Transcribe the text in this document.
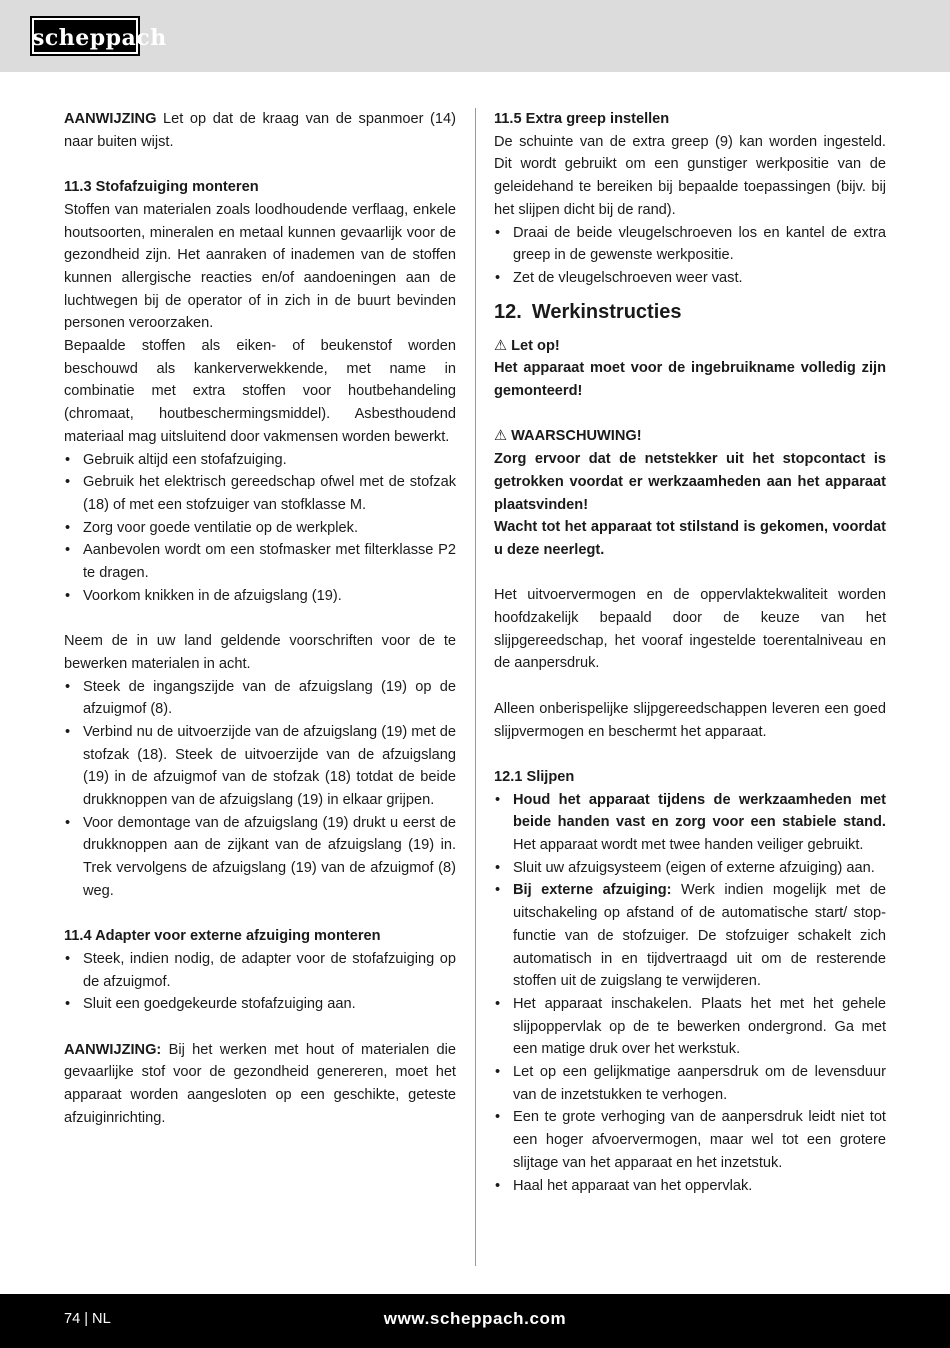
scheppach

AANWIJZING Let op dat de kraag van de spanmoer (14) naar buiten wijst.

11.3 Stofafzuiging monteren

Stoffen van materialen zoals loodhoudende verflaag, enkele houtsoorten, mineralen en metaal kunnen gevaarlijk voor de gezondheid zijn. Het aanraken of inademen van de stoffen kunnen allergische reacties en/of aandoeningen aan de luchtwegen bij de operator of in zich in de buurt bevinden personen veroorzaken.

Bepaalde stoffen als eiken- of beukenstof worden beschouwd als kankerverwekkende, met name in combinatie met extra stoffen voor houtbehandeling (chromaat, houtbeschermingsmiddel). Asbesthoudend materiaal mag uitsluitend door vakmensen worden bewerkt.

• Gebruik altijd een stofafzuiging.
• Gebruik het elektrisch gereedschap ofwel met de stofzak (18) of met een stofzuiger van stofklasse M.
• Zorg voor goede ventilatie op de werkplek.
• Aanbevolen wordt om een stofmasker met filterklasse P2 te dragen.
• Voorkom knikken in de afzuigslang (19).

Neem de in uw land geldende voorschriften voor de te bewerken materialen in acht.

• Steek de ingangszijde van de afzuigslang (19) op de afzuigmof (8).
• Verbind nu de uitvoerzijde van de afzuigslang (19) met de stofzak (18). Steek de uitvoerzijde van de afzuigslang (19) in de afzuigmof van de stofzak (18) totdat de beide drukknoppen van de afzuigslang (19) in elkaar grijpen.
• Voor demontage van de afzuigslang (19) drukt u eerst de drukknoppen aan de zijkant van de afzuigslang (19) in. Trek vervolgens de afzuigslang (19) van de afzuigmof (8) weg.

11.4 Adapter voor externe afzuiging monteren

• Steek, indien nodig, de adapter voor de stofafzuiging op de afzuigmof.
• Sluit een goedgekeurde stofafzuiging aan.

AANWIJZING: Bij het werken met hout of materialen die gevaarlijke stof voor de gezondheid genereren, moet het apparaat worden aangesloten op een geschikte, geteste afzuiginrichting.

11.5 Extra greep instellen

De schuinte van de extra greep (9) kan worden ingesteld. Dit wordt gebruikt om een gunstiger werkpositie van de geleidehand te bereiken bij bepaalde toepassingen (bijv. bij het slijpen dicht bij de rand).

• Draai de beide vleugelschroeven los en kantel de extra greep in de gewenste werkpositie.
• Zet de vleugelschroeven weer vast.
12. Werkinstructies

⚠ Let op!

Het apparaat moet voor de ingebruikname volledig zijn gemonteerd!

⚠ WAARSCHUWING!

Zorg ervoor dat de netstekker uit het stopcontact is getrokken voordat er werkzaamheden aan het apparaat plaatsvinden!

Wacht tot het apparaat tot stilstand is gekomen, voordat u deze neerlegt.

Het uitvoervermogen en de oppervlaktekwaliteit worden hoofdzakelijk bepaald door de keuze van het slijpgereedschap, het vooraf ingestelde toerentalniveau en de aanpersdruk.

Alleen onberispelijke slijpgereedschappen leveren een goed slijpvermogen en beschermt het apparaat.

12.1 Slijpen

• Houd het apparaat tijdens de werkzaamheden met beide handen vast en zorg voor een stabiele stand. Het apparaat wordt met twee handen veiliger gebruikt.
• Sluit uw afzuigsysteem (eigen of externe afzuiging) aan.
• Bij externe afzuiging: Werk indien mogelijk met de uitschakeling op afstand of de automatische start/ stop-functie van de stofzuiger. De stofzuiger schakelt zich automatisch in en tijdvertraagd uit om de resterende stoffen uit de zuigslang te verwijderen.
• Het apparaat inschakelen. Plaats het met het gehele slijpoppervlak op de te bewerken ondergrond. Ga met een matige druk over het werkstuk.
• Let op een gelijkmatige aanpersdruk om de levensduur van de inzetstukken te verhogen.
• Een te grote verhoging van de aanpersdruk leidt niet tot een hoger afvoervermogen, maar wel tot een grotere slijtage van het apparaat en het inzetstuk.
• Haal het apparaat van het oppervlak.
74 | NL	www.scheppach.com
